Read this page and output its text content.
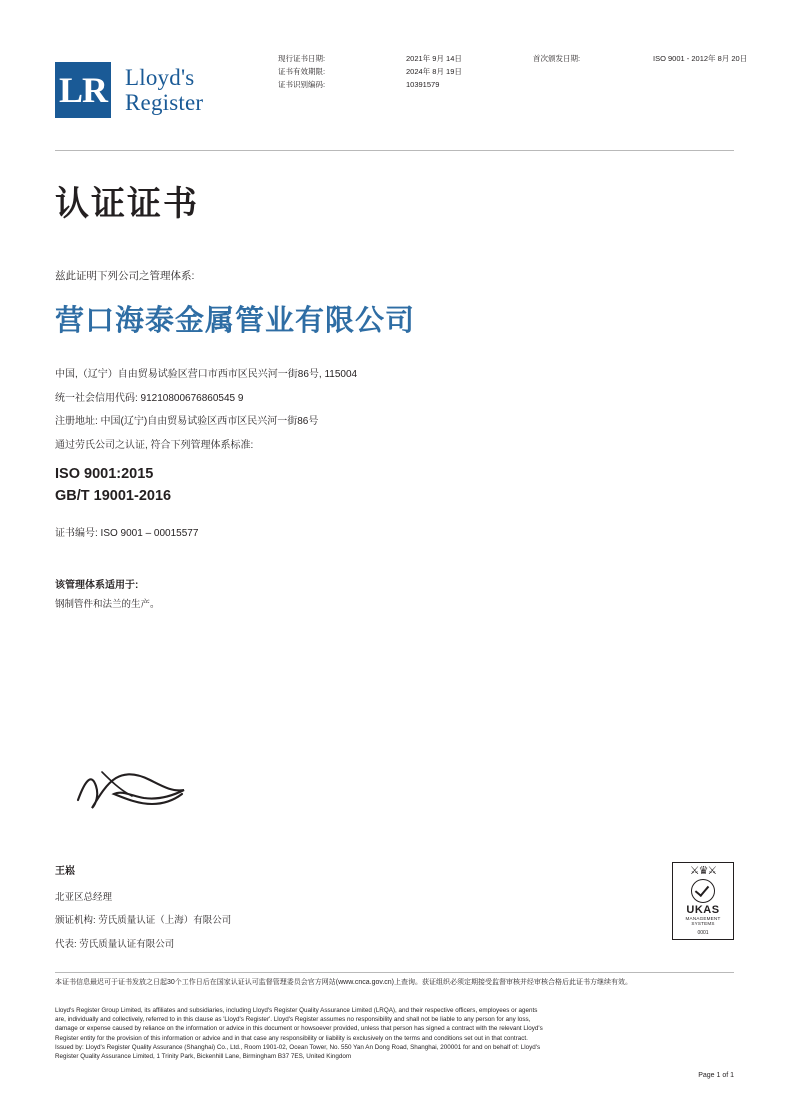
LR Lloyd's
Register
现行证书日期:
证书有效期限:
证书识别编码:
2021年 9月 14日
2024年 8月 19日
10391579
首次颁发日期:	ISO 9001 - 2012年 8月 20日
认证证书
兹此证明下列公司之管理体系:
营口海泰金属管业有限公司
中国,（辽宁）自由贸易试验区营口市西市区民兴河一街86号, 115004
统一社会信用代码: 91210800676860545 9
注册地址: 中国(辽宁)自由贸易试验区西市区民兴河一街86号
通过劳氏公司之认证, 符合下列管理体系标准:
ISO 9001:2015
GB/T 19001-2016
证书编号: ISO 9001 – 00015577
该管理体系适用于:
钢制管件和法兰的生产。
王崧
北亚区总经理
颁证机构: 劳氏质量认证（上海）有限公司
代表: 劳氏质量认证有限公司
⚔♛⚔
UKAS
MANAGEMENT
SYSTEMS
0001
本证书信息最迟可于证书发放之日起30个工作日后在国家认证认可监督管理委员会官方网站(www.cnca.gov.cn)上查询。获证组织必须定期接受监督审核并经审核合格后此证书方继续有效。
Lloyd's Register Group Limited, its affiliates and subsidiaries, including Lloyd's Register Quality Assurance Limited (LRQA), and their respective officers, employees or agents
are, individually and collectively, referred to in this clause as 'Lloyd's Register'. Lloyd's Register assumes no responsibility and shall not be liable to any person for any loss,
damage or expense caused by reliance on the information or advice in this document or howsoever provided, unless that person has signed a contract with the relevant Lloyd's
Register entity for the provision of this information or advice and in that case any responsibility or liability is exclusively on the terms and conditions set out in that contract.
Issued by: Lloyd's Register Quality Assurance (Shanghai) Co., Ltd., Room 1901-02, Ocean Tower, No. 550 Yan An Dong Road, Shanghai, 200001 for and on behalf of: Lloyd's
Register Quality Assurance Limited, 1 Trinity Park, Bickenhill Lane, Birmingham B37 7ES, United Kingdom
Page 1 of 1
